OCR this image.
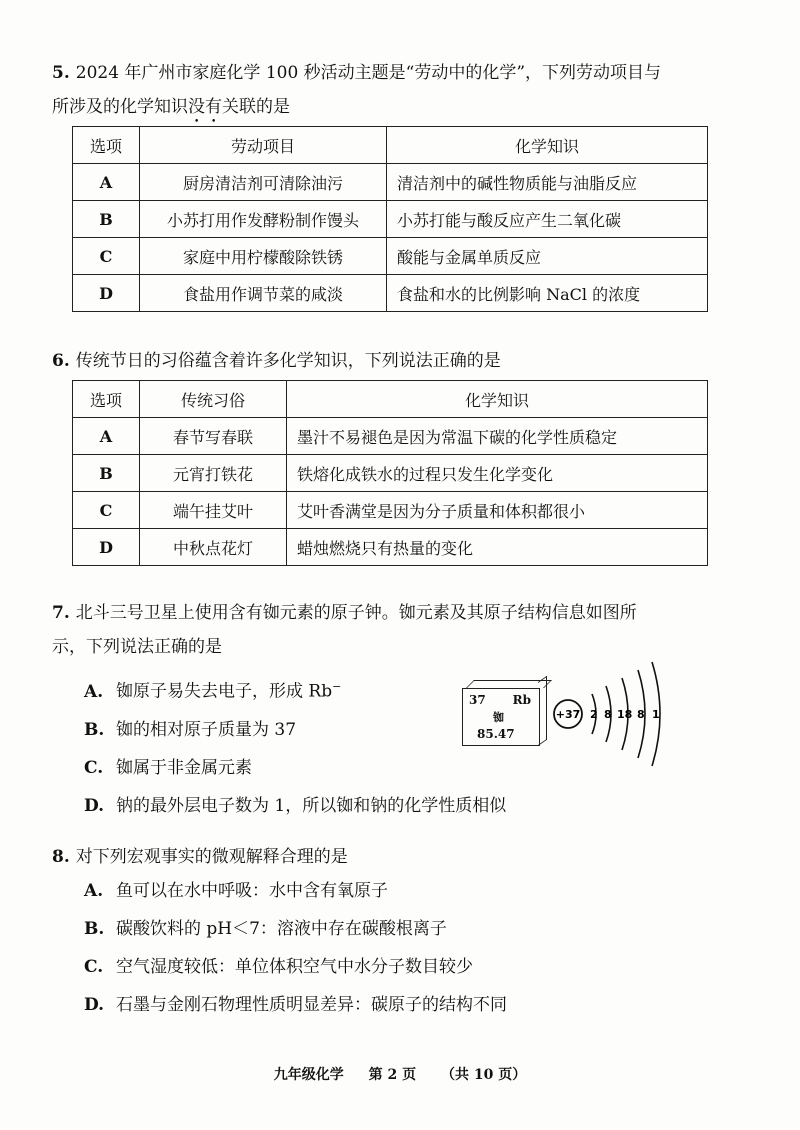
5. 2024 年广州市家庭化学 100 秒活动主题是“劳动中的化学”，下列劳动项目与
所涉及的化学知识没有关联的是
选项	劳动项目	化学知识
A	厨房清洁剂可清除油污	清洁剂中的碱性物质能与油脂反应
B	小苏打用作发酵粉制作馒头	小苏打能与酸反应产生二氧化碳
C	家庭中用柠檬酸除铁锈	酸能与金属单质反应
D	食盐用作调节菜的咸淡	食盐和水的比例影响 NaCl 的浓度
6. 传统节日的习俗蕴含着许多化学知识，下列说法正确的是
选项	传统习俗	化学知识
A	春节写春联	墨汁不易褪色是因为常温下碳的化学性质稳定
B	元宵打铁花	铁熔化成铁水的过程只发生化学变化
C	端午挂艾叶	艾叶香满堂是因为分子质量和体积都很小
D	中秋点花灯	蜡烛燃烧只有热量的变化
7. 北斗三号卫星上使用含有铷元素的原子钟。铷元素及其原子结构信息如图所
示，下列说法正确的是
A. 铷原子易失去电子，形成 Rb−
B. 铷的相对原子质量为 37
C. 铷属于非金属元素
D. 钠的最外层电子数为 1，所以铷和钠的化学性质相似
37 Rb
铷
85.47
+37 2 8 18 8 1
8. 对下列宏观事实的微观解释合理的是
A. 鱼可以在水中呼吸：水中含有氧原子
B. 碳酸饮料的 pH＜7：溶液中存在碳酸根离子
C. 空气湿度较低：单位体积空气中水分子数目较少
D. 石墨与金刚石物理性质明显差异：碳原子的结构不同
九年级化学 第 2 页 （共 10 页）
